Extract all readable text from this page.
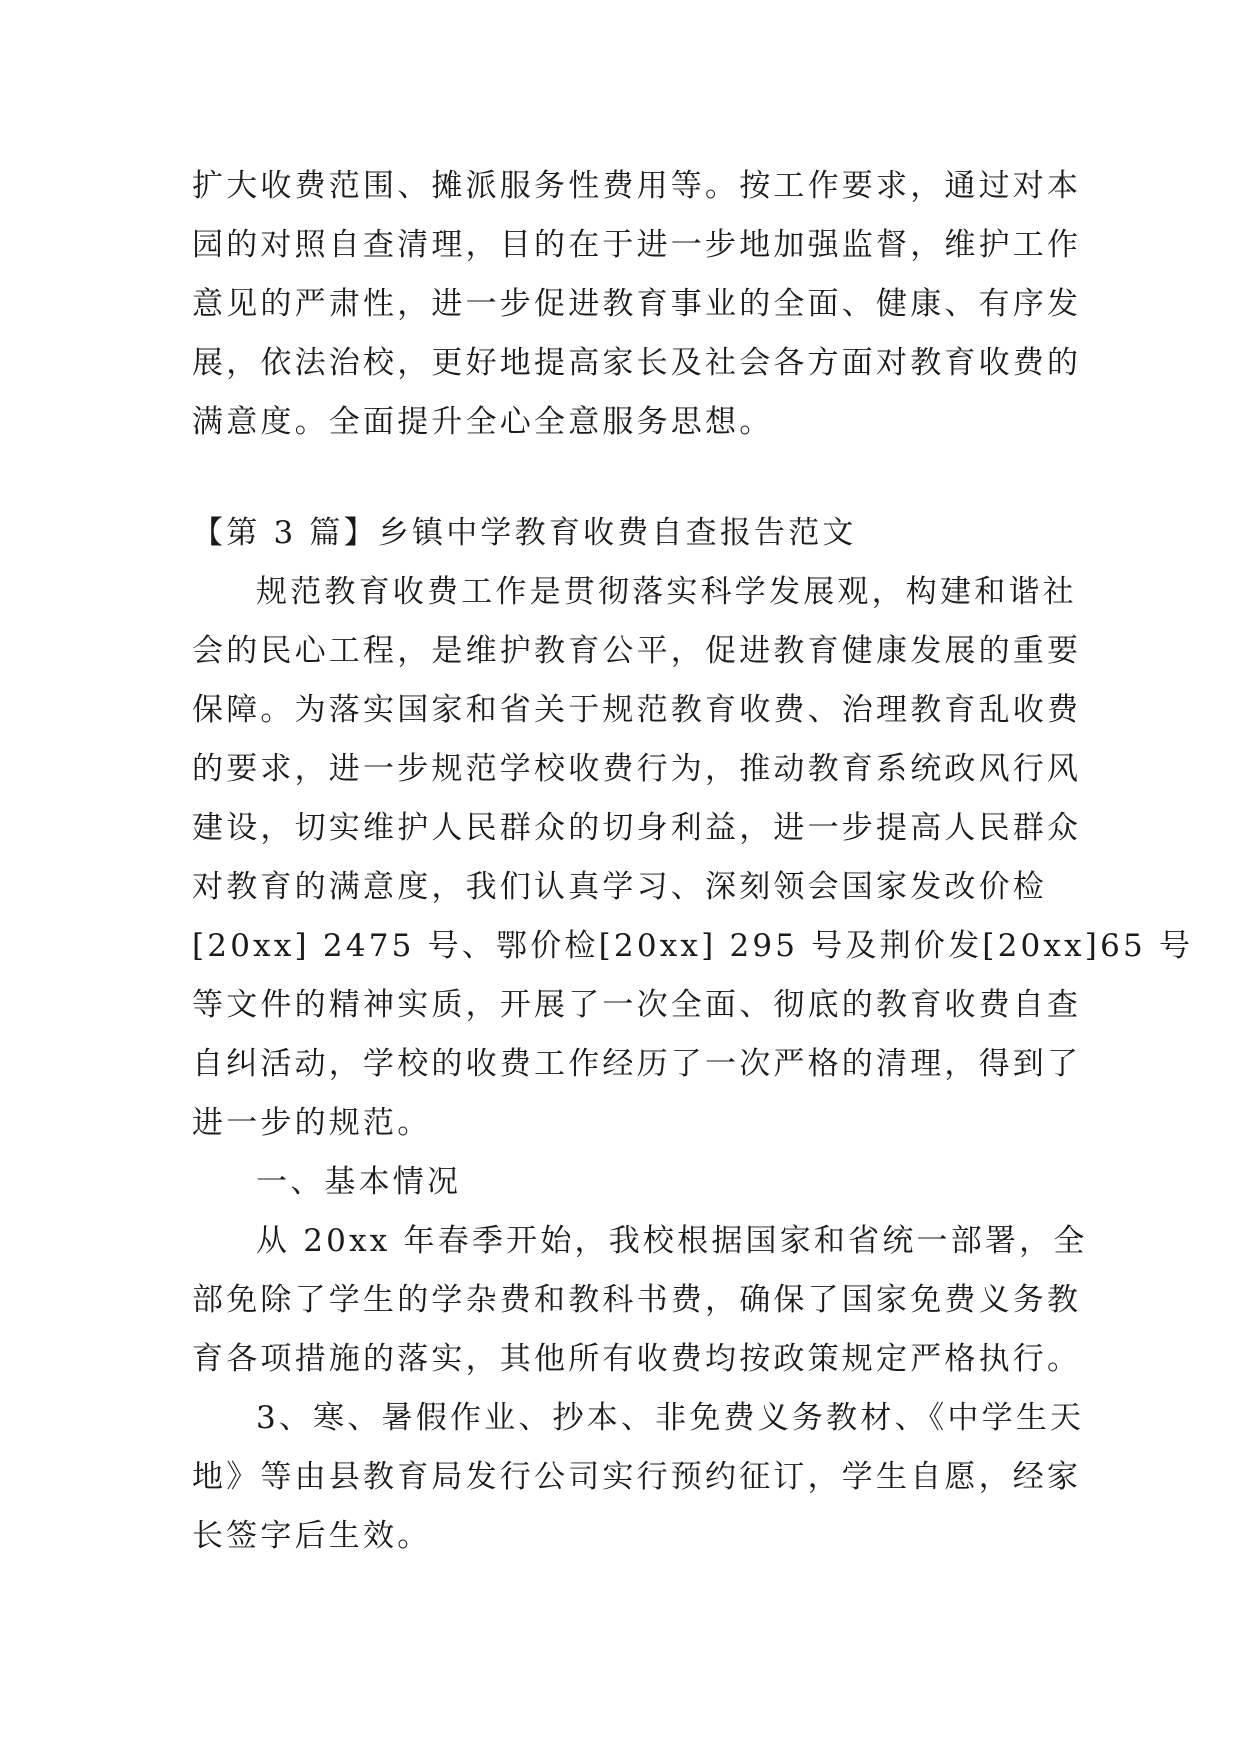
扩大收费范围、摊派服务性费用等。按工作要求，通过对本
园的对照自查清理，目的在于进一步地加强监督，维护工作
意见的严肃性，进一步促进教育事业的全面、健康、有序发
展，依法治校，更好地提高家长及社会各方面对教育收费的
满意度。全面提升全心全意服务思想。
【第 3 篇】乡镇中学教育收费自查报告范文
规范教育收费工作是贯彻落实科学发展观，构建和谐社
会的民心工程，是维护教育公平，促进教育健康发展的重要
保障。为落实国家和省关于规范教育收费、治理教育乱收费
的要求，进一步规范学校收费行为，推动教育系统政风行风
建设，切实维护人民群众的切身利益，进一步提高人民群众
对教育的满意度，我们认真学习、深刻领会国家发改价检
[20xx] 2475 号、鄂价检[20xx] 295 号及荆价发[20xx]65 号
等文件的精神实质，开展了一次全面、彻底的教育收费自查
自纠活动，学校的收费工作经历了一次严格的清理，得到了
进一步的规范。
一、基本情况
从 20xx 年春季开始，我校根据国家和省统一部署，全
部免除了学生的学杂费和教科书费，确保了国家免费义务教
育各项措施的落实，其他所有收费均按政策规定严格执行。
3、寒、暑假作业、抄本、非免费义务教材、《中学生天
地》等由县教育局发行公司实行预约征订，学生自愿，经家
长签字后生效。
